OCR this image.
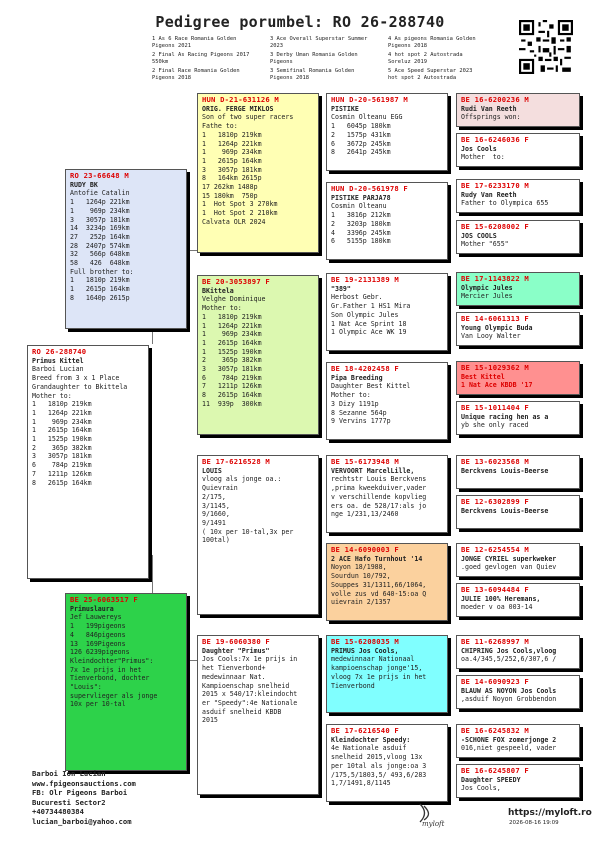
Pedigree porumbel: RO 26-288740
1 As 6 Race Romania Golden
Pigeons 2021
3 Ace Overall Superstar Summer
2023
4 As pigeons Romania Golden
Pigeons 2018
2 Final As Racing Pigeons 2017
550km
3 Derby Uman Romania Golden
Pigeons
4 hot spot 2 Autostrada
Soreluz 2019
2 Final Race Romania Golden
Pigeons 2018
3 Semifinal Romania Golden
Pigeons 2018
5 Ace Speed Superstar 2023
hot spot 2 Autostrada
RO 26-288740
Primus Kittel
Barboi Lucian
Breed from 3 x 1 Place
Grandaughter to Bkittela
Mother to:
1   1810p 219km
1   1264p 221km
1    969p 234km
1   2615p 164km
1   1525p 190km
2    365p 382km
3   3057p 181km
6    784p 219km
7   1211p 126km
8   2615p 164km
RO 23-66648 M
RUDY BK
Antofie Catalin
1   1264p 221km
1    969p 234km
3   3057p 181km
14  3234p 169km
27   252p 164km
28  2407p 574km
32   566p 648km
58   426  648km
Full brother to:
1   1810p 219km
1   2615p 164km
8   1640p 2615p
BE 25-6063517 F
Primuslaura
Jef Lauwereys
1   199pigeons
4   846pigeons
13  169Pigeons
126 6239pigeons
Kleindochter"Primus":
7x 1e prijs in het
Tienverbond, dochter
"Louis":
supervlieger als jonge
10x per 10-tal
HUN D-21-631126 M
ORIG. FERGE MIKLOS
Son of two super racers
Fathe to:
1   1810p 219km
1   1264p 221km
1    969p 234km
1   2615p 164km
3   3057p 181km
8   164km 2615p
17 262km 1488p
15 180km  750p
1  Hot Spot 3 270km
1  Hot Spot 2 210km
Calvata OLR 2024
BE 20-3053897 F
BKittela
Velghe Dominique
Mother to:
1   1810p 219km
1   1264p 221km
1    969p 234km
1   2615p 164km
1   1525p 190km
2    365p 382km
3   3057p 181km
6    784p 219km
7   1211p 126km
8   2615p 164km
11  939p  300km
BE 17-6216528 M
LOUIS
vloog als jonge oa.:
Quievrain
2/175,
3/1145,
9/1660,
9/1491
( 10x per 10-tal,3x per
100tal)
BE 19-6060380 F
Daughter "Primus"
Jos Cools:7x 1e prijs in
het Tienverbond+
medewinnaar Nat.
Kampioenschap snelheid
2015 x 540/17:kleindocht
er "Speedy":4e Nationale
asduif snelheid KBDB
2015
HUN D-20-561987 M
PISTIKE
Cosmin Olteanu EGG
1   6045p 180km
2   1575p 431km
6   3672p 245km
8   2641p 245km
HUN D-20-561978 F
PISTIKE PARJA78
Cosmin Olteanu
1   3816p 212km
2   3203p 180km
4   3396p 245km
6   5155p 180km
BE 19-2131389 M
"389"
Herbost Gebr.
Gr.Father 1 HS1 Mira
Son Olympic Jules
1 Nat Ace Sprint 18
1 Olympic Ace WK 19
BE 18-4202458 F
Pipa Breeding
Daughter Best Kittel
Mother to:
3 Dizy 1191p
8 Sezanne 564p
9 Vervins 1777p
BE 15-6173948 M
VERVOORT MarcelLille,
rechtstr Louis Berckvens
,prima kweekduiver,vader
v verschillende kopvlieg
ers oa. de 528/17:als jo
nge 1/231,13/2460
BE 14-6090003 F
2 ACE Hafo Turnhout '14
Noyon 18/1988,
Sourdun 10/792,
Souppes 31/1311,66/1064,
volle zus vd 640-15:oa Q
uievrain 2/1357
BE 15-6208035 M
PRIMUS Jos Cools,
medewinnaar Nationaal
kampioenschap jonge'15,
vloog 7x 1e prijs in het
Tienverbond
BE 17-6216540 F
Kleindochter Speedy:
4e Nationale asduif
snelheid 2015,vloog 13x
per 10tal als jonge:oa 3
/175,5/1803,5/ 493,6/283
1,7/1491,8/1145
BE 16-6200236 M
Rudi Van Reeth
Offsprings won:
BE 16-6246036 F
Jos Cools
Mother  to:
BE 17-6233170 M
Rudy Van Reeth
Father to Olympica 655
BE 15-6208002 F
JOS COOLS
Mother "655"
BE 17-1143822 M
Olympic Jules
Mercier Jules
BE 14-6061313 F
Young Olympic Buda
Van Looy Walter
BE 15-1029362 M
Best Kittel
1 Nat Ace KBDB '17
BE 15-1011404 F
Unique racing hen as a
yb she only raced
BE 13-6023568 M
Berckvens Louis-Beerse
BE 12-6302899 F
Berckvens Louis-Beerse
BE 12-6254554 M
JONGE CYRIEL superkweker
.goed gevlogen van Quiev
BE 13-6094484 F
JULIE 100% Heremans,
moeder v oa 003-14
BE 11-6268997 M
CHIPRING Jos Cools,vloog
oa.4/345,5/252,6/307,6 /
BE 14-6090923 F
BLAUW AS NOYON Jos Cools
,asduif Noyon Grobbendon
BE 16-6245832 M
-SCHONE FOX zomerjonge 2
016,niet gespeeld, vader
BE 16-6245807 F
Daughter SPEEDY
Jos Cools,
Barboi Ion Lucian
www.fpigeonsauctions.com
FB: Olr Pigeons Barboi
Bucuresti Sector2
+40734480384
lucian_barboi@yahoo.com	myloft
https://myloft.ro
2026-08-16 19:09
